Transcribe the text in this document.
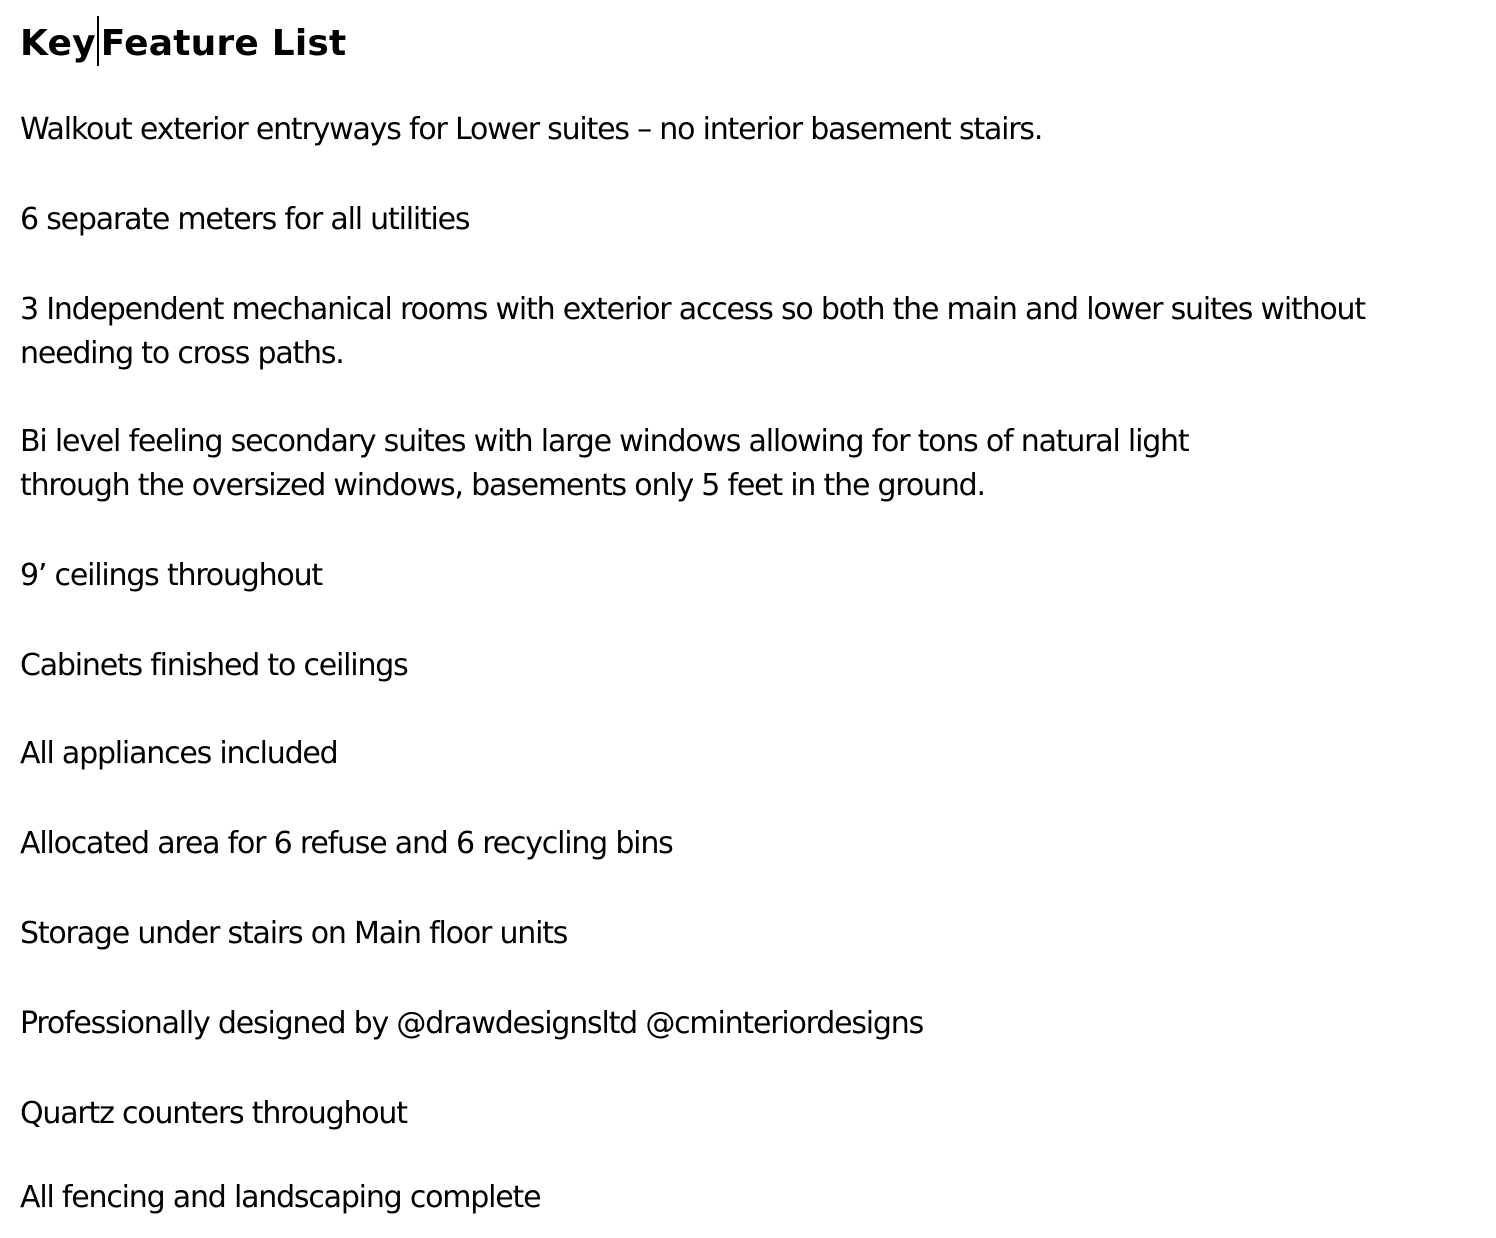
Key Feature List

Walkout exterior entryways for Lower suites – no interior basement stairs.

6 separate meters for all utilities

3 Independent mechanical rooms with exterior access so both the main and lower suites without
needing to cross paths.

Bi level feeling secondary suites with large windows allowing for tons of natural light
through the oversized windows, basements only 5 feet in the ground.

9’ ceilings throughout

Cabinets finished to ceilings

All appliances included

Allocated area for 6 refuse and 6 recycling bins

Storage under stairs on Main floor units

Professionally designed by @drawdesignsltd @cminteriordesigns

Quartz counters throughout

All fencing and landscaping complete
